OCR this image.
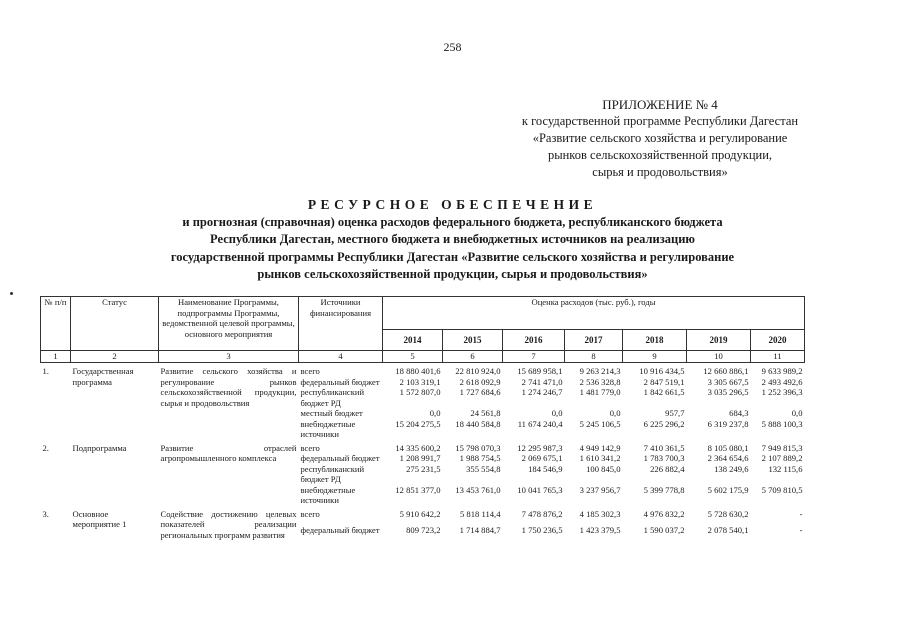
258
ПРИЛОЖЕНИЕ № 4
к государственной программе Республики Дагестан
«Развитие сельского хозяйства и регулирование
рынков сельскохозяйственной продукции,
сырья и продовольствия»
РЕСУРСНОЕ ОБЕСПЕЧЕНИЕ
и прогнозная (справочная) оценка расходов федерального бюджета, республиканского бюджета
Республики Дагестан, местного бюджета и внебюджетных источников на реализацию
государственной программы Республики Дагестан «Развитие сельского хозяйства и регулирование
рынков сельскохозяйственной продукции, сырья и продовольствия»
№ п/п	Статус	Наименование Программы, подпрограммы Программы, ведомственной целевой программы, основного мероприятия	Источники финансирования	Оценка расходов (тыс. руб.), годы						
				2014	2015	2016	2017	2018	2019	2020
1	2	3	4	5	6	7	8	9	10	11
1.	Государственная программа	Развитие сельского хозяйства и регулирование рынков сельскохозяйственной продукции, сырья и продовольствия	всего	18 880 401,6	22 810 924,0	15 689 958,1	9 263 214,3	10 916 434,5	12 660 886,1	9 633 989,2
			федеральный бюджет	2 103 319,1	2 618 092,9	2 741 471,0	2 536 328,8	2 847 519,1	3 305 667,5	2 493 492,6
			республиканский бюджет РД	1 572 807,0	1 727 684,6	1 274 246,7	1 481 779,0	1 842 661,5	3 035 296,5	1 252 396,3
			местный бюджет	0,0	24 561,8	0,0	0,0	957,7	684,3	0,0
			внебюджетные источники	15 204 275,5	18 440 584,8	11 674 240,4	5 245 106,5	6 225 296,2	6 319 237,8	5 888 100,3
2.	Подпрограмма	Развитие отраслей агропромышленного комплекса	всего	14 335 600,2	15 798 070,3	12 295 987,3	4 949 142,9	7 410 361,5	8 105 080,1	7 949 815,3
			федеральный бюджет	1 208 991,7	1 988 754,5	2 069 675,1	1 610 341,2	1 783 700,3	2 364 654,6	2 107 889,2
			республиканский бюджет РД	275 231,5	355 554,8	184 546,9	100 845,0	226 882,4	138 249,6	132 115,6
			внебюджетные источники	12 851 377,0	13 453 761,0	10 041 765,3	3 237 956,7	5 399 778,8	5 602 175,9	5 709 810,5
3.	Основное мероприятие 1	Содействие достижению целевых показателей реализации региональных программ развития	всего	5 910 642,2	5 818 114,4	7 478 876,2	4 185 302,3	4 976 832,2	5 728 630,2	-
			федеральный бюджет	809 723,2	1 714 884,7	1 750 236,5	1 423 379,5	1 590 037,2	2 078 540,1	-
